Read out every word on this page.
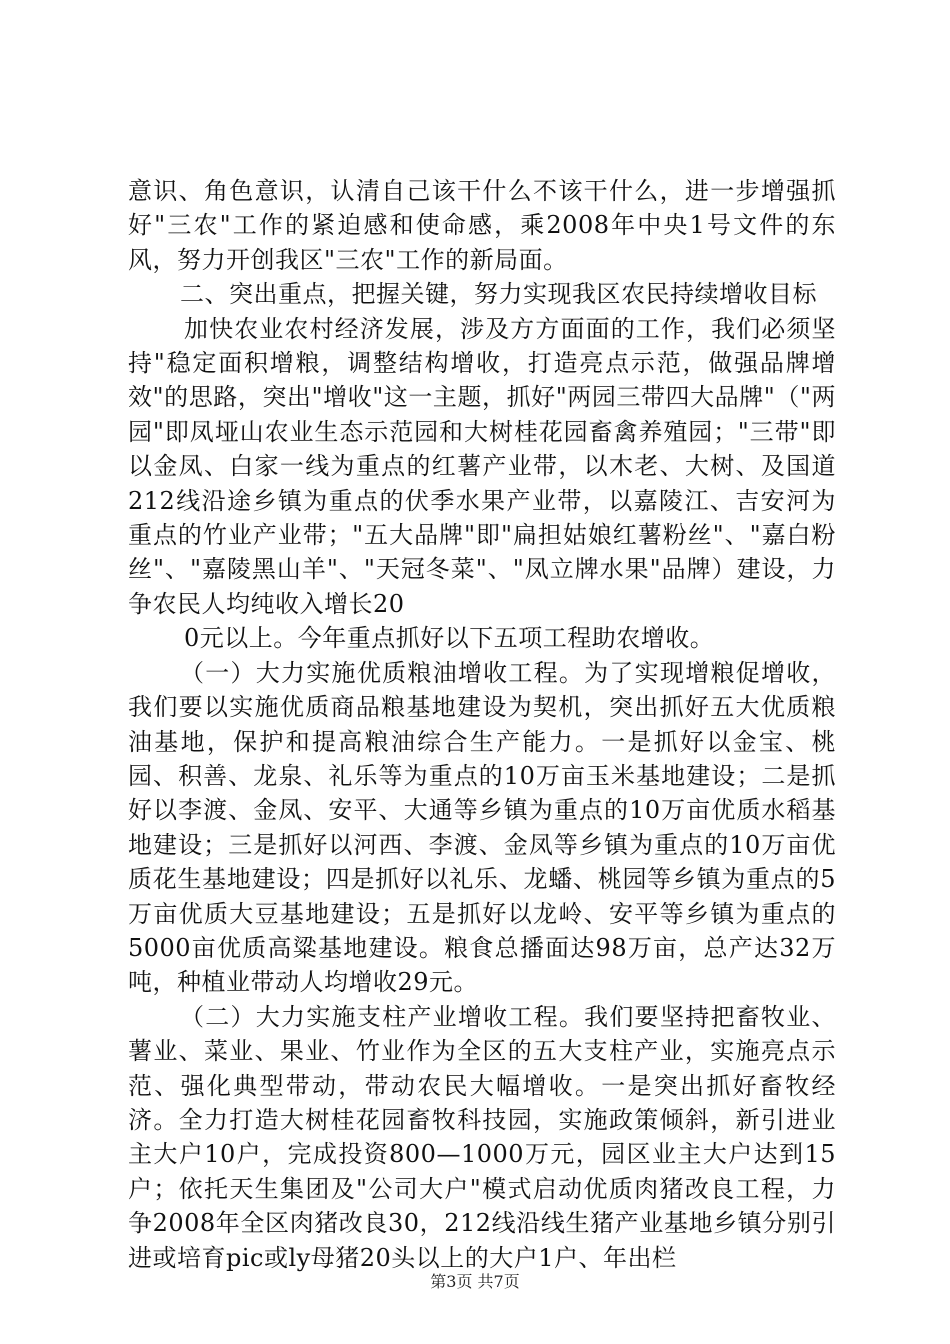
意识、角色意识，认清自己该干什么不该干什么，进一步增强抓好"三农"工作的紧迫感和使命感，乘2008年中央1号文件的东风，努力开创我区"三农"工作的新局面。

二、突出重点，把握关键，努力实现我区农民持续增收目标

加快农业农村经济发展，涉及方方面面的工作，我们必须坚持"稳定面积增粮，调整结构增收，打造亮点示范，做强品牌增效"的思路，突出"增收"这一主题，抓好"两园三带四大品牌"（"两园"即凤垭山农业生态示范园和大树桂花园畜禽养殖园；"三带"即以金凤、白家一线为重点的红薯产业带，以木老、大树、及国道212线沿途乡镇为重点的伏季水果产业带，以嘉陵江、吉安河为重点的竹业产业带；"五大品牌"即"扁担姑娘红薯粉丝"、"嘉白粉丝"、"嘉陵黑山羊"、"天冠冬菜"、"凤立牌水果"品牌）建设，力争农民人均纯收入增长20

0元以上。今年重点抓好以下五项工程助农增收。

（一）大力实施优质粮油增收工程。为了实现增粮促增收，我们要以实施优质商品粮基地建设为契机，突出抓好五大优质粮油基地，保护和提高粮油综合生产能力。一是抓好以金宝、桃园、积善、龙泉、礼乐等为重点的10万亩玉米基地建设；二是抓好以李渡、金凤、安平、大通等乡镇为重点的10万亩优质水稻基地建设；三是抓好以河西、李渡、金凤等乡镇为重点的10万亩优质花生基地建设；四是抓好以礼乐、龙蟠、桃园等乡镇为重点的5万亩优质大豆基地建设；五是抓好以龙岭、安平等乡镇为重点的5000亩优质高粱基地建设。粮食总播面达98万亩，总产达32万吨，种植业带动人均增收29元。

（二）大力实施支柱产业增收工程。我们要坚持把畜牧业、薯业、菜业、果业、竹业作为全区的五大支柱产业，实施亮点示范、强化典型带动，带动农民大幅增收。一是突出抓好畜牧经济。全力打造大树桂花园畜牧科技园，实施政策倾斜，新引进业主大户10户，完成投资800—1000万元，园区业主大户达到15户；依托天生集团及"公司大户"模式启动优质肉猪改良工程，力争2008年全区肉猪改良30，212线沿线生猪产业基地乡镇分别引进或培育pic或ly母猪20头以上的大户1户、年出栏

第3页 共7页
